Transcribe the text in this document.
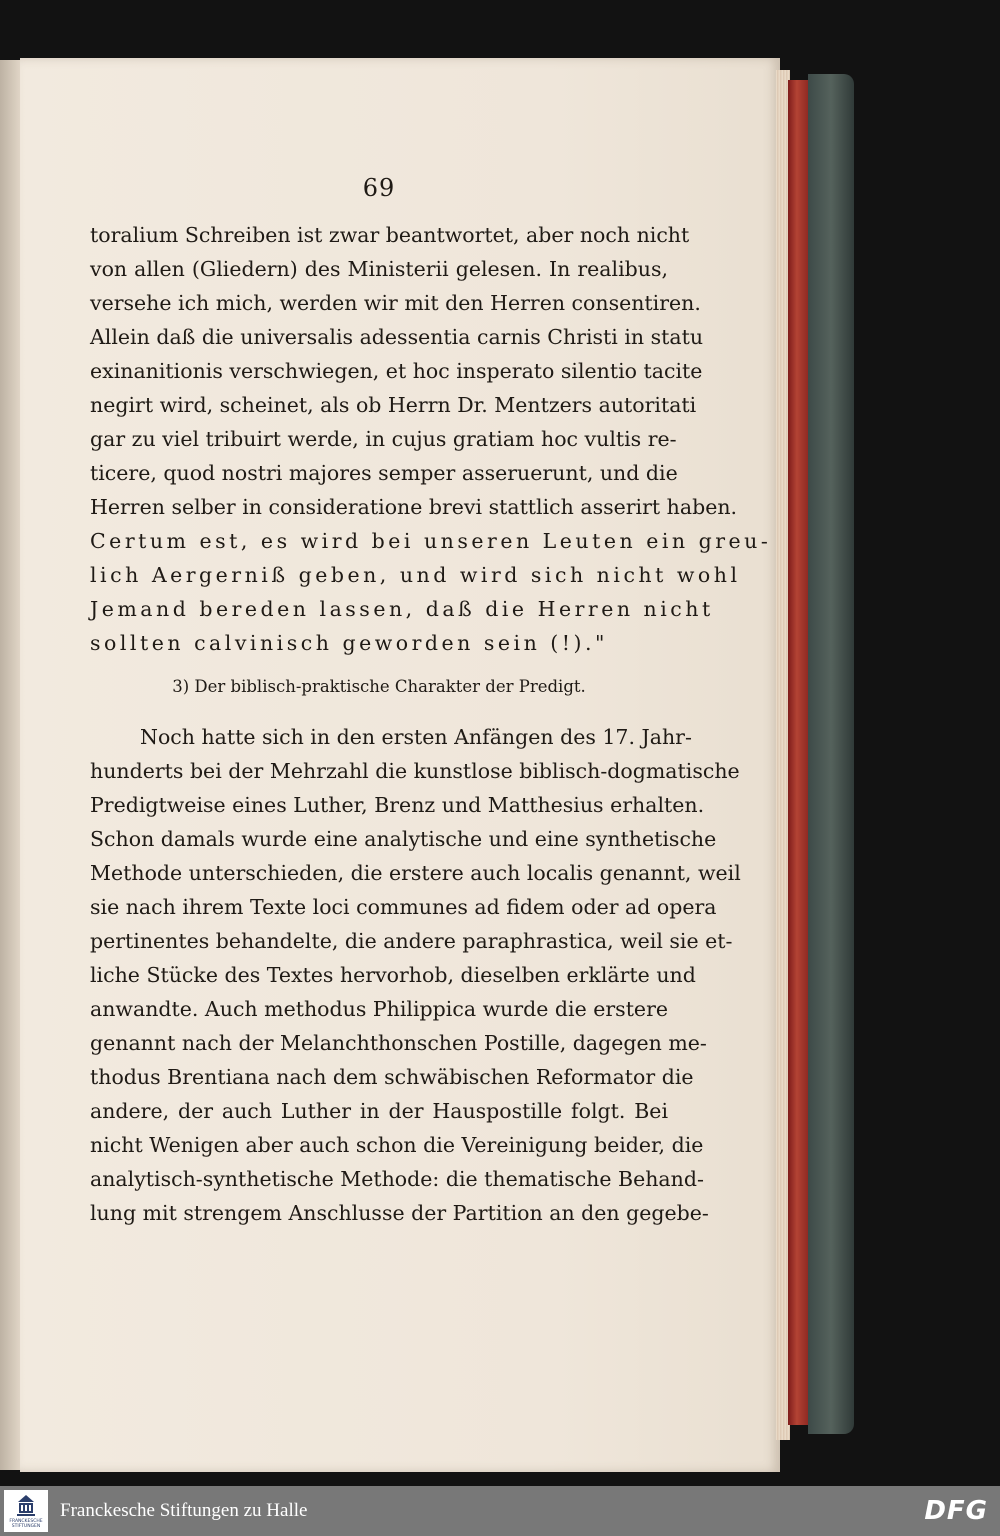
69
toralium Schreiben ist zwar beantwortet, aber noch nicht
von allen (Gliedern) des Ministerii gelesen. In realibus,
versehe ich mich, werden wir mit den Herren consentiren.
Allein daß die universalis adessentia carnis Christi in statu
exinanitionis verschwiegen, et hoc insperato silentio tacite
negirt wird, scheinet, als ob Herrn Dr. Mentzers autoritati
gar zu viel tribuirt werde, in cujus gratiam hoc vultis re-
ticere, quod nostri majores semper asseruerunt, und die
Herren selber in consideratione brevi stattlich asserirt haben.
Certum est, es wird bei unseren Leuten ein greu-
lich Aergerniß geben, und wird sich nicht wohl
Jemand bereden lassen, daß die Herren nicht
sollten calvinisch geworden sein (!)."
3) Der biblisch-praktische Charakter der Predigt.
Noch hatte sich in den ersten Anfängen des 17. Jahr-
hunderts bei der Mehrzahl die kunstlose biblisch-dogmatische
Predigtweise eines Luther, Brenz und Matthesius erhalten.
Schon damals wurde eine analytische und eine synthetische
Methode unterschieden, die erstere auch localis genannt, weil
sie nach ihrem Texte loci communes ad fidem oder ad opera
pertinentes behandelte, die andere paraphrastica, weil sie et-
liche Stücke des Textes hervorhob, dieselben erklärte und
anwandte. Auch methodus Philippica wurde die erstere
genannt nach der Melanchthonschen Postille, dagegen me-
thodus Brentiana nach dem schwäbischen Reformator die
andere, der auch Luther in der Hauspostille folgt. Bei
nicht Wenigen aber auch schon die Vereinigung beider, die
analytisch-synthetische Methode: die thematische Behand-
lung mit strengem Anschlusse der Partition an den gegebe-
FRANCKESCHE STIFTUNGEN
Franckesche Stiftungen zu Halle	DFG
